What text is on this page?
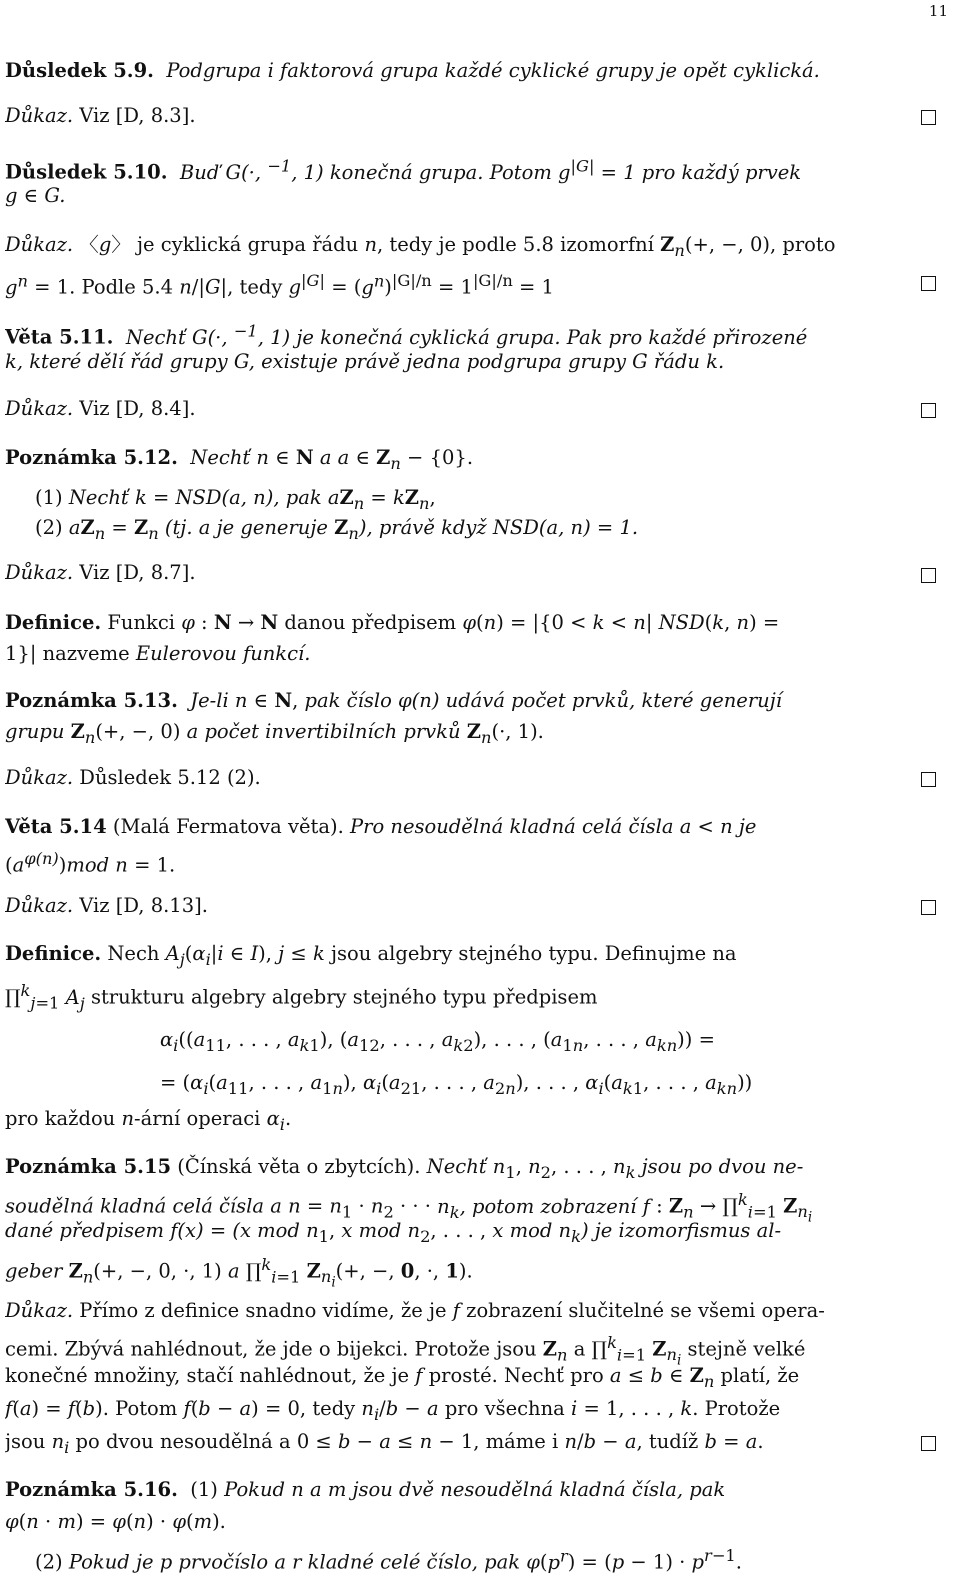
11
Důsledek 5.9. Podgrupa i faktorová grupa každé cyklické grupy je opět cyklická.
Důkaz. Viz [D, 8.3].
Důsledek 5.10. Buď G(·, $^{-1}$, 1) konečná grupa. Potom $g^{|G|} = 1$ pro každý prvek
g ∈ G.
Důkaz. 〈g〉 je cyklická grupa řádu n, tedy je podle 5.8 izomorfní $Z_n(+$, −, 0), proto
$g^n = 1$. Podle 5.4 n/|G|, tedy $g^{|G|} = (g^n)^{|G|/n} = 1^{|G|/n} = 1$
Věta 5.11. Nechť G(·, $^{-1}$, 1) je konečná cyklická grupa. Pak pro každé přirozené
k, které dělí řád grupy G, existuje právě jedna podgrupa grupy G řádu k.
Důkaz. Viz [D, 8.4].
Poznámka 5.12. Nechť n ∈ N a a ∈ $Z_n - \{0\}$.
(1) Nechť k = NSD(a, n), pak $aZ_n = kZ_n$,
(2) $aZ_n = Z_n$ (tj. a je generuje $Z_n$), právě když NSD(a, n) = 1.
Důkaz. Viz [D, 8.7].
Definice. Funkci φ : N → N danou předpisem φ(n) = |{0 < k < n| NSD(k, n) =
1}| nazveme Eulerovou funkcí.
Poznámka 5.13. Je-li n ∈ N, pak číslo φ(n) udává počet prvků, které generují
grupu $Z_n(+$, −, 0) a počet invertibilních prvků $Z_n(\cdot$, 1).
Důkaz. Důsledek 5.12 (2).
Věta 5.14 (Malá Fermatova věta). Pro nesoudělná kladná celá čísla a < n je
$(a^{\varphi(n)})mod$ n = 1.
Důkaz. Viz [D, 8.13].
Definice. Nech $A_j(\alpha_i|i$ ∈ I), j ≤ k jsou algebry stejného typu. Definujme na
∏$^k_{j=1}$ $A_j$ strukturu algebry algebry stejného typu předpisem
$\alpha_i((a_{11}$, . . . , $a_{k1}$), ($a_{12}$, . . . , $a_{k2}$), . . . , ($a_{1n}$, . . . , $a_{kn}$)) =
= ($\alpha_i(a_{11}$, . . . , $a_{1n}$), $\alpha_i(a_{21}$, . . . , $a_{2n}$), . . . , $\alpha_i(a_{k1}$, . . . , $a_{kn}$))
pro každou n-ární operaci $\alpha_i$.
Poznámka 5.15 (Čínská věta o zbytcích). Nechť $n_1$, $n_2$, . . . , $n_k$ jsou po dvou ne-
soudělná kladná celá čísla a $n = n_1 \cdot n_2$ · · · $n_k$, potom zobrazení f : $Z_n$ → ∏$^k_{i=1}$ $Z_{n_i}$
dané předpisem f(x) = (x mod $n_1$, x mod $n_2$, . . . , x mod $n_k$) je izomorfismus al-
geber $Z_n(+$, −, 0, ·, 1) a ∏$^k_{i=1}$ $Z_{n_i}(+$, −, 0, ·, 1).
Důkaz. Přímo z definice snadno vidíme, že je f zobrazení slučitelné se všemi opera-
cemi. Zbývá nahlédnout, že jde o bijekci. Protože jsou $Z_n$ a ∏$^k_{i=1}$ $Z_{n_i}$ stejně velké
konečné množiny, stačí nahlédnout, že je f prosté. Nechť pro a ≤ b ∈ $Z_n$ platí, že
f(a) = f(b). Potom f(b − a) = 0, tedy $n_i/b - a$ pro všechna i = 1, . . . , k. Protože
jsou $n_i$ po dvou nesoudělná a 0 ≤ b − a ≤ n − 1, máme i n/b − a, tudíž b = a.
Poznámka 5.16.  (1) Pokud n a m jsou dvě nesoudělná kladná čísla, pak
φ(n · m) = φ(n) · φ(m).
(2) Pokud je p prvočíslo a r kladné celé číslo, pak $\varphi(p^r) = (p - 1) \cdot p^{r-1}$.
